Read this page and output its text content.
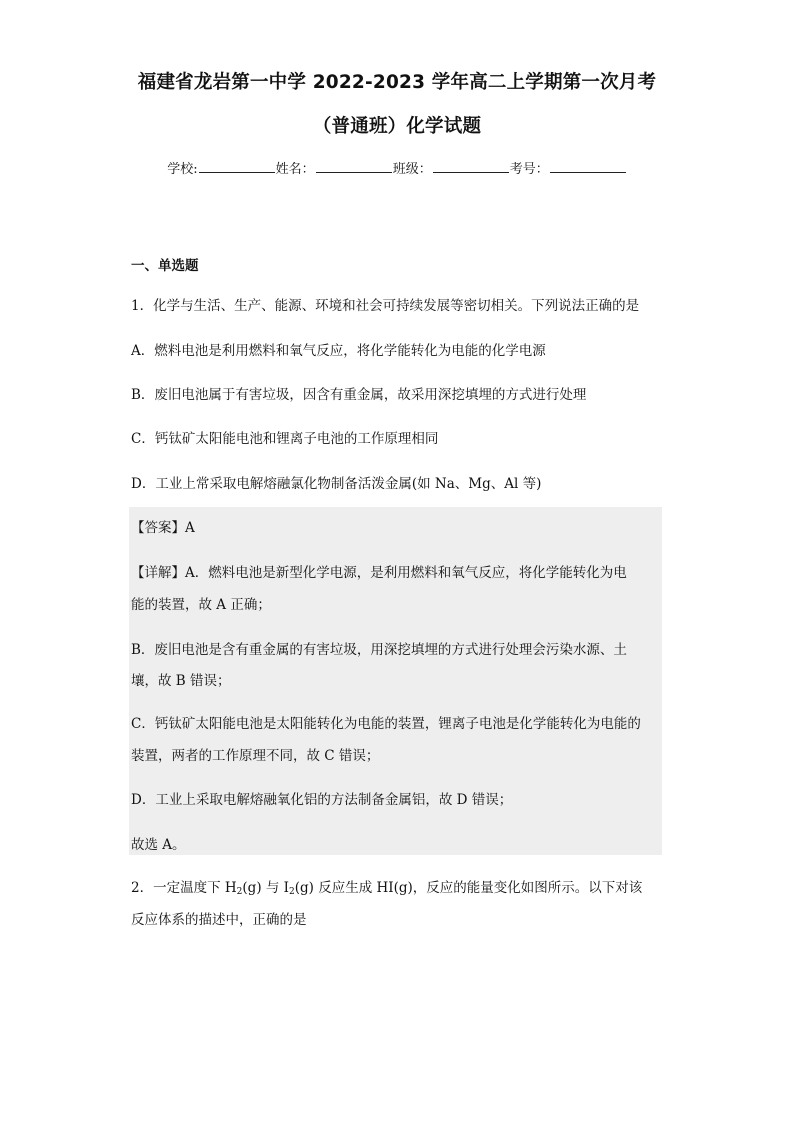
福建省龙岩第一中学 2022-2023 学年高二上学期第一次月考
（普通班）化学试题
学校:	姓名：	班级：	考号：
一、单选题
1．化学与生活、生产、能源、环境和社会可持续发展等密切相关。下列说法正确的是
A．燃料电池是利用燃料和氧气反应，将化学能转化为电能的化学电源
B．废旧电池属于有害垃圾，因含有重金属，故采用深挖填埋的方式进行处理
C．钙钛矿太阳能电池和锂离子电池的工作原理相同
D．工业上常采取电解熔融氯化物制备活泼金属(如 Na、Mg、Al 等)
【答案】A
【详解】A．燃料电池是新型化学电源，是利用燃料和氧气反应，将化学能转化为电
能的装置，故 A 正确；
B．废旧电池是含有重金属的有害垃圾，用深挖填埋的方式进行处理会污染水源、土
壤，故 B 错误；
C．钙钛矿太阳能电池是太阳能转化为电能的装置，锂离子电池是化学能转化为电能的
装置，两者的工作原理不同，故 C 错误；
D．工业上采取电解熔融氧化铝的方法制备金属铝，故 D 错误；
故选 A。
2．一定温度下 $H_2(g)$ 与 $I_2(g)$ 反应生成 HI(g)，反应的能量变化如图所示。以下对该
反应体系的描述中，正确的是
